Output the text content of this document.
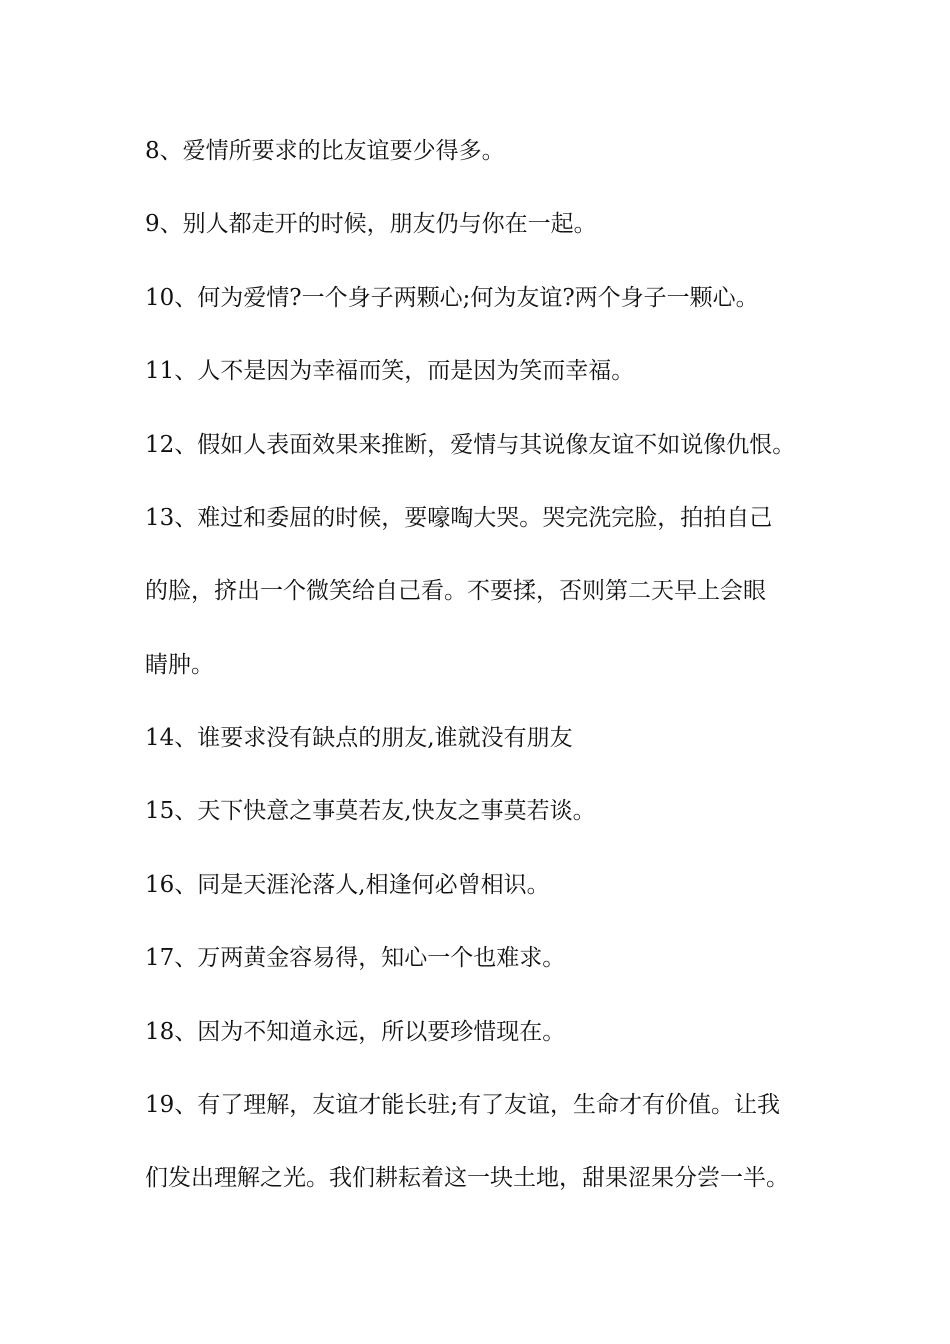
8、爱情所要求的比友谊要少得多。
9、别人都走开的时候，朋友仍与你在一起。
10、何为爱情?一个身子两颗心;何为友谊?两个身子一颗心。
11、人不是因为幸福而笑，而是因为笑而幸福。
12、假如人表面效果来推断，爱情与其说像友谊不如说像仇恨。
13、难过和委屈的时候，要嚎啕大哭。哭完洗完脸，拍拍自己
的脸，挤出一个微笑给自己看。不要揉，否则第二天早上会眼
睛肿。
14、谁要求没有缺点的朋友,谁就没有朋友
15、天下快意之事莫若友,快友之事莫若谈。
16、同是天涯沦落人,相逢何必曾相识。
17、万两黄金容易得，知心一个也难求。
18、因为不知道永远，所以要珍惜现在。
19、有了理解，友谊才能长驻;有了友谊，生命才有价值。让我
们发出理解之光。我们耕耘着这一块土地，甜果涩果分尝一半。
